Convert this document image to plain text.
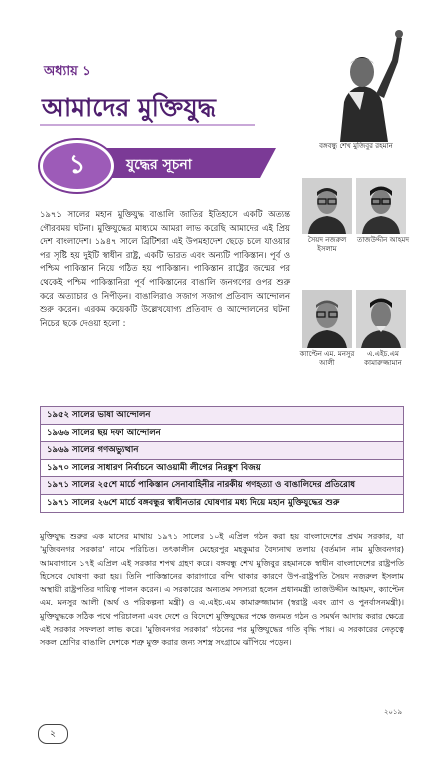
অধ্যায় ১
আমাদের মুক্তিযুদ্ধ
১	যুদ্ধের সূচনা
বঙ্গবন্ধু শেখ মুজিবুর রহমান
সৈয়দ নজরুল ইসলাম
তাজউদ্দীন আহমদ
ক্যাপ্টেন এম. মনসুর আলী
এ.এইচ.এম কামারুজ্জামান

১৯৭১ সালের মহান মুক্তিযুদ্ধ বাঙালি জাতির ইতিহাসে একটি অত্যন্ত গৌরবময় ঘটনা। মুক্তিযুদ্ধের মাধ্যমে আমরা লাভ করেছি আমাদের এই প্রিয় দেশ বাংলাদেশ। ১৯৪৭ সালে ব্রিটিশরা এই উপমহাদেশ ছেড়ে চলে যাওয়ার পর সৃষ্টি হয় দুইটি স্বাধীন রাষ্ট্র, একটি ভারত এবং অন্যটি পাকিস্তান। পূর্ব ও পশ্চিম পাকিস্তান নিয়ে গঠিত হয় পাকিস্তান। পাকিস্তান রাষ্ট্রের জন্মের পর থেকেই পশ্চিম পাকিস্তানিরা পূর্ব পাকিস্তানের বাঙালি জনগণের ওপর শুরু করে অত্যাচার ও নিপীড়ন। বাঙালিরাও সজাগ সজাগ প্রতিবাদ আন্দোলন শুরু করেন। এরকম কয়েকটি উল্লেখযোগ্য প্রতিবাদ ও আন্দোলনের ঘটনা নিচের ছকে দেওয়া হলো :

১৯৫২ সালের ভাষা আন্দোলন
১৯৬৬ সালের ছয় দফা আন্দোলন
১৯৬৯ সালের গণঅভ্যুত্থান
১৯৭০ সালের সাধারণ নির্বাচনে আওয়ামী লীগের নিরঙ্কুশ বিজয়
১৯৭১ সালের ২৫শে মার্চে পাকিস্তান সেনাবাহিনীর নারকীয় গণহত্যা ও বাঙালিদের প্রতিরোধ
১৯৭১ সালের ২৬শে মার্চে বঙ্গবন্ধুর স্বাধীনতার ঘোষণার মধ্য দিয়ে মহান মুক্তিযুদ্ধের শুরু

মুক্তিযুদ্ধ শুরুর এক মাসের মাথায় ১৯৭১ সালের ১০ই এপ্রিল গঠন করা হয় বাংলাদেশের প্রথম সরকার, যা 'মুজিবনগর সরকার' নামে পরিচিত। তৎকালীন মেহেরপুর মহকুমার বৈদ্যনাথ তলায় (বর্তমান নাম মুজিবনগর) আমবাগানে ১৭ই এপ্রিল এই সরকার শপথ গ্রহণ করে। বঙ্গবন্ধু শেখ মুজিবুর রহমানকে স্বাধীন বাংলাদেশের রাষ্ট্রপতি হিসেবে ঘোষণা করা হয়। তিনি পাকিস্তানের কারাগারে বন্দি থাকার কারণে উপ-রাষ্ট্রপতি সৈয়দ নজরুল ইসলাম অস্থায়ী রাষ্ট্রপতির দায়িত্ব পালন করেন। এ সরকারের অন্যতম সদস্যরা হলেন প্রধানমন্ত্রী তাজউদ্দীন আহমদ, ক্যাপ্টেন এম. মনসুর আলী (অর্থ ও পরিকল্পনা মন্ত্রী) ও এ.এইচ.এম কামারুজ্জামান (স্বরাষ্ট্র এবং ত্রাণ ও পুনর্বাসনমন্ত্রী)। মুক্তিযুদ্ধকে সঠিক পথে পরিচালনা এবং দেশে ও বিদেশে মুক্তিযুদ্ধের পক্ষে জনমত গঠন ও সমর্থন আদায় করার ক্ষেত্রে এই সরকার সফলতা লাভ করে। 'মুজিবনগর সরকার' গঠনের পর মুক্তিযুদ্ধের গতি বৃদ্ধি পায়। এ সরকারের নেতৃত্বে সকল শ্রেণির বাঙালি দেশকে শত্রু মুক্ত করার জন্য সশস্ত্র সংগ্রামে ঝাঁপিয়ে পড়েন।

২
২০১৯
